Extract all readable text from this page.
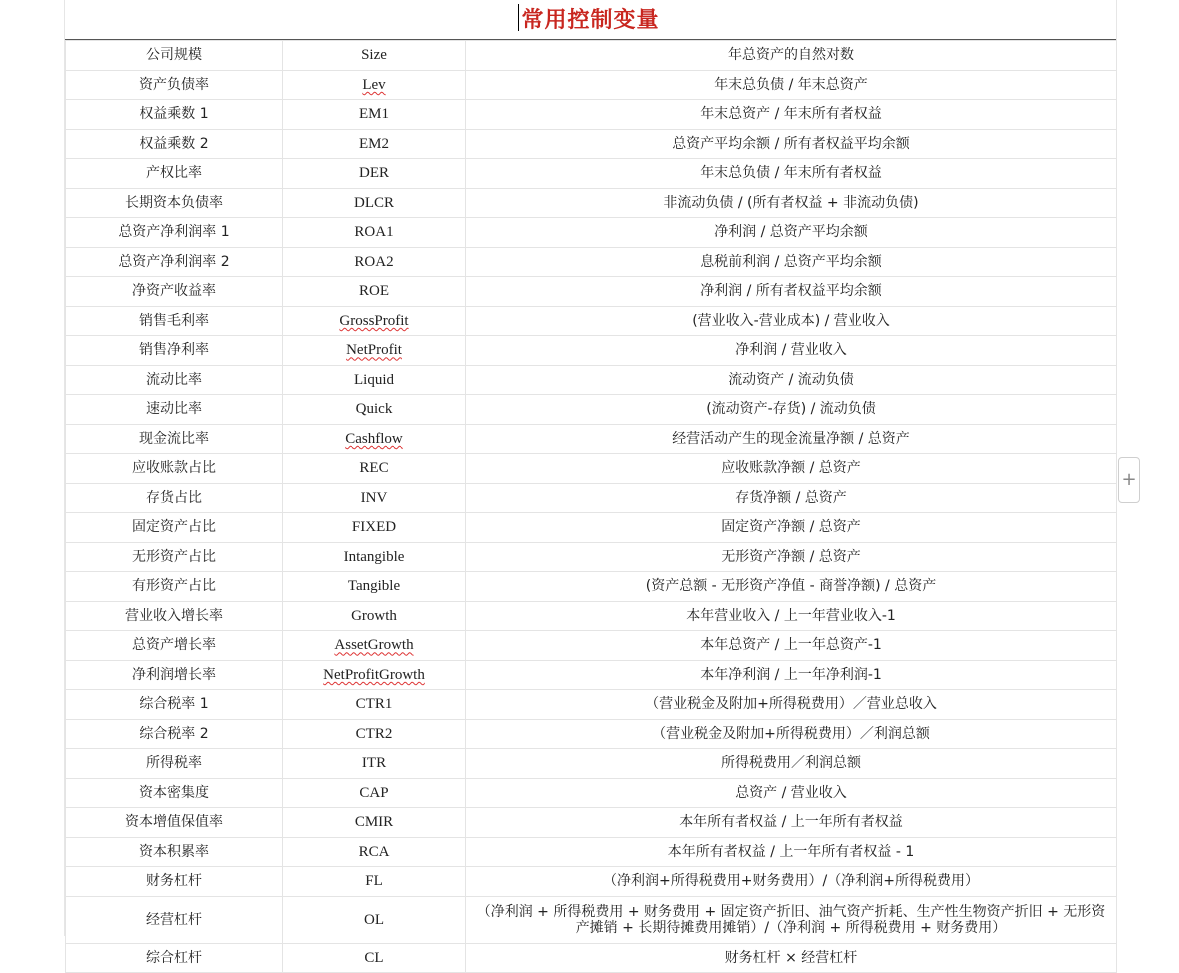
常用控制变量
公司规模	Size	年总资产的自然对数
资产负债率	Lev	年末总负债 / 年末总资产
权益乘数 1	EM1	年末总资产 / 年末所有者权益
权益乘数 2	EM2	总资产平均余额 / 所有者权益平均余额
产权比率	DER	年末总负债 / 年末所有者权益
长期资本负债率	DLCR	非流动负债 / (所有者权益 + 非流动负债)
总资产净利润率 1	ROA1	净利润 / 总资产平均余额
总资产净利润率 2	ROA2	息税前利润 / 总资产平均余额
净资产收益率	ROE	净利润 / 所有者权益平均余额
销售毛利率	GrossProfit	(营业收入-营业成本) / 营业收入
销售净利率	NetProfit	净利润 / 营业收入
流动比率	Liquid	流动资产 / 流动负债
速动比率	Quick	(流动资产-存货) / 流动负债
现金流比率	Cashflow	经营活动产生的现金流量净额 / 总资产
应收账款占比	REC	应收账款净额 / 总资产
存货占比	INV	存货净额 / 总资产
固定资产占比	FIXED	固定资产净额 / 总资产
无形资产占比	Intangible	无形资产净额 / 总资产
有形资产占比	Tangible	(资产总额 - 无形资产净值 - 商誉净额) / 总资产
营业收入增长率	Growth	本年营业收入 / 上一年营业收入-1
总资产增长率	AssetGrowth	本年总资产 / 上一年总资产-1
净利润增长率	NetProfitGrowth	本年净利润 / 上一年净利润-1
综合税率 1	CTR1	（营业税金及附加+所得税费用）／营业总收入
综合税率 2	CTR2	（营业税金及附加+所得税费用）／利润总额
所得税率	ITR	所得税费用／利润总额
资本密集度	CAP	总资产 / 营业收入
资本增值保值率	CMIR	本年所有者权益 / 上一年所有者权益
资本积累率	RCA	本年所有者权益 / 上一年所有者权益 - 1
财务杠杆	FL	（净利润+所得税费用+财务费用）/（净利润+所得税费用）
经营杠杆	OL	（净利润 + 所得税费用 + 财务费用 + 固定资产折旧、油气资产折耗、生产性生物资产折旧 + 无形资产摊销 + 长期待摊费用摊销）/（净利润 + 所得税费用 + 财务费用）
综合杠杆	CL	财务杠杆 × 经营杠杆
+
